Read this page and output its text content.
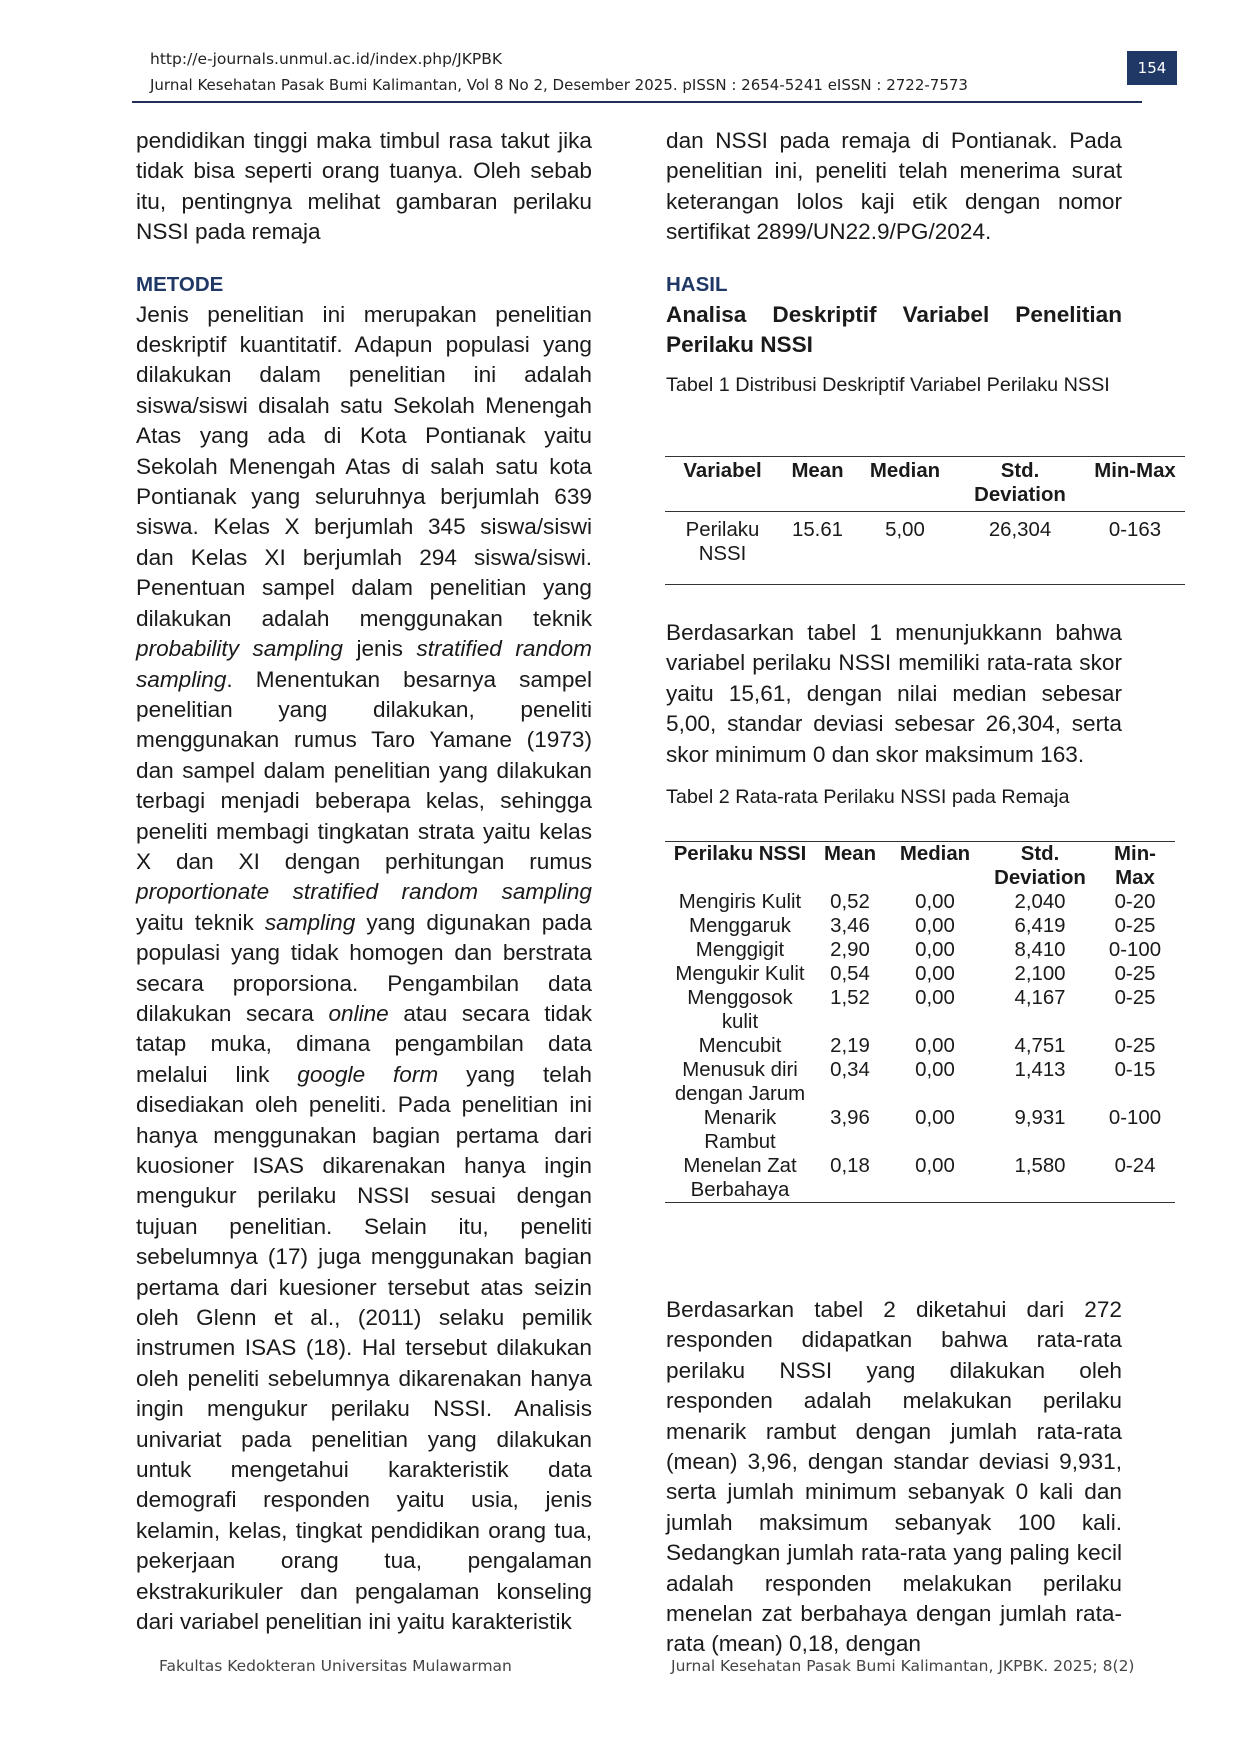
http://e-journals.unmul.ac.id/index.php/JKPBK
Jurnal Kesehatan Pasak Bumi Kalimantan, Vol 8 No 2, Desember 2025. pISSN : 2654-5241 eISSN : 2722-7573
154

pendidikan tinggi maka timbul rasa takut jika tidak bisa seperti orang tuanya. Oleh sebab itu, pentingnya melihat gambaran perilaku NSSI pada remaja

METODE

Jenis penelitian ini merupakan penelitian deskriptif kuantitatif. Adapun populasi yang dilakukan dalam penelitian ini adalah siswa/siswi disalah satu Sekolah Menengah Atas yang ada di Kota Pontianak yaitu Sekolah Menengah Atas di salah satu kota Pontianak yang seluruhnya berjumlah 639 siswa. Kelas X berjumlah 345 siswa/siswi dan Kelas XI berjumlah 294 siswa/siswi. Penentuan sampel dalam penelitian yang dilakukan adalah menggunakan teknik probability sampling jenis stratified random sampling. Menentukan besarnya sampel penelitian yang dilakukan, peneliti menggunakan rumus Taro Yamane (1973) dan sampel dalam penelitian yang dilakukan terbagi menjadi beberapa kelas, sehingga peneliti membagi tingkatan strata yaitu kelas X dan XI dengan perhitungan rumus proportionate stratified random sampling yaitu teknik sampling yang digunakan pada populasi yang tidak homogen dan berstrata secara proporsiona. Pengambilan data dilakukan secara online atau secara tidak tatap muka, dimana pengambilan data melalui link google form yang telah disediakan oleh peneliti. Pada penelitian ini hanya menggunakan bagian pertama dari kuosioner ISAS dikarenakan hanya ingin mengukur perilaku NSSI sesuai dengan tujuan penelitian. Selain itu, peneliti sebelumnya (17) juga menggunakan bagian pertama dari kuesioner tersebut atas seizin oleh Glenn et al., (2011) selaku pemilik instrumen ISAS (18). Hal tersebut dilakukan oleh peneliti sebelumnya dikarenakan hanya ingin mengukur perilaku NSSI. Analisis univariat pada penelitian yang dilakukan untuk mengetahui karakteristik data demografi responden yaitu usia, jenis kelamin, kelas, tingkat pendidikan orang tua, pekerjaan orang tua, pengalaman ekstrakurikuler dan pengalaman konseling dari variabel penelitian ini yaitu karakteristik

dan NSSI pada remaja di Pontianak. Pada penelitian ini, peneliti telah menerima surat keterangan lolos kaji etik dengan nomor sertifikat 2899/UN22.9/PG/2024.

HASIL
Analisa Deskriptif Variabel Penelitian Perilaku NSSI

Tabel 1 Distribusi Deskriptif Variabel Perilaku NSSI

Variabel	Mean	Median	Std. Deviation	Min-Max
Perilaku NSSI	15.61	5,00	26,304	0-163

Berdasarkan tabel 1 menunjukkann bahwa variabel perilaku NSSI memiliki rata-rata skor yaitu 15,61, dengan nilai median sebesar 5,00, standar deviasi sebesar 26,304, serta skor minimum 0 dan skor maksimum 163.

Tabel 2 Rata-rata Perilaku NSSI pada Remaja

Perilaku NSSI	Mean	Median	Std. Deviation	Min-Max
Mengiris Kulit	0,52	0,00	2,040	0-20
Menggaruk	3,46	0,00	6,419	0-25
Menggigit	2,90	0,00	8,410	0-100
Mengukir Kulit	0,54	0,00	2,100	0-25
Menggosok kulit	1,52	0,00	4,167	0-25
Mencubit	2,19	0,00	4,751	0-25
Menusuk diri dengan Jarum	0,34	0,00	1,413	0-15
Menarik Rambut	3,96	0,00	9,931	0-100
Menelan Zat Berbahaya	0,18	0,00	1,580	0-24

Berdasarkan tabel 2 diketahui dari 272 responden didapatkan bahwa rata-rata perilaku NSSI yang dilakukan oleh responden adalah melakukan perilaku menarik rambut dengan jumlah rata-rata (mean) 3,96, dengan standar deviasi 9,931, serta jumlah minimum sebanyak 0 kali dan jumlah maksimum sebanyak 100 kali. Sedangkan jumlah rata-rata yang paling kecil adalah responden melakukan perilaku menelan zat berbahaya dengan jumlah rata-rata (mean) 0,18, dengan

Fakultas Kedokteran Universitas Mulawarman	Jurnal Kesehatan Pasak Bumi Kalimantan, JKPBK. 2025; 8(2)
